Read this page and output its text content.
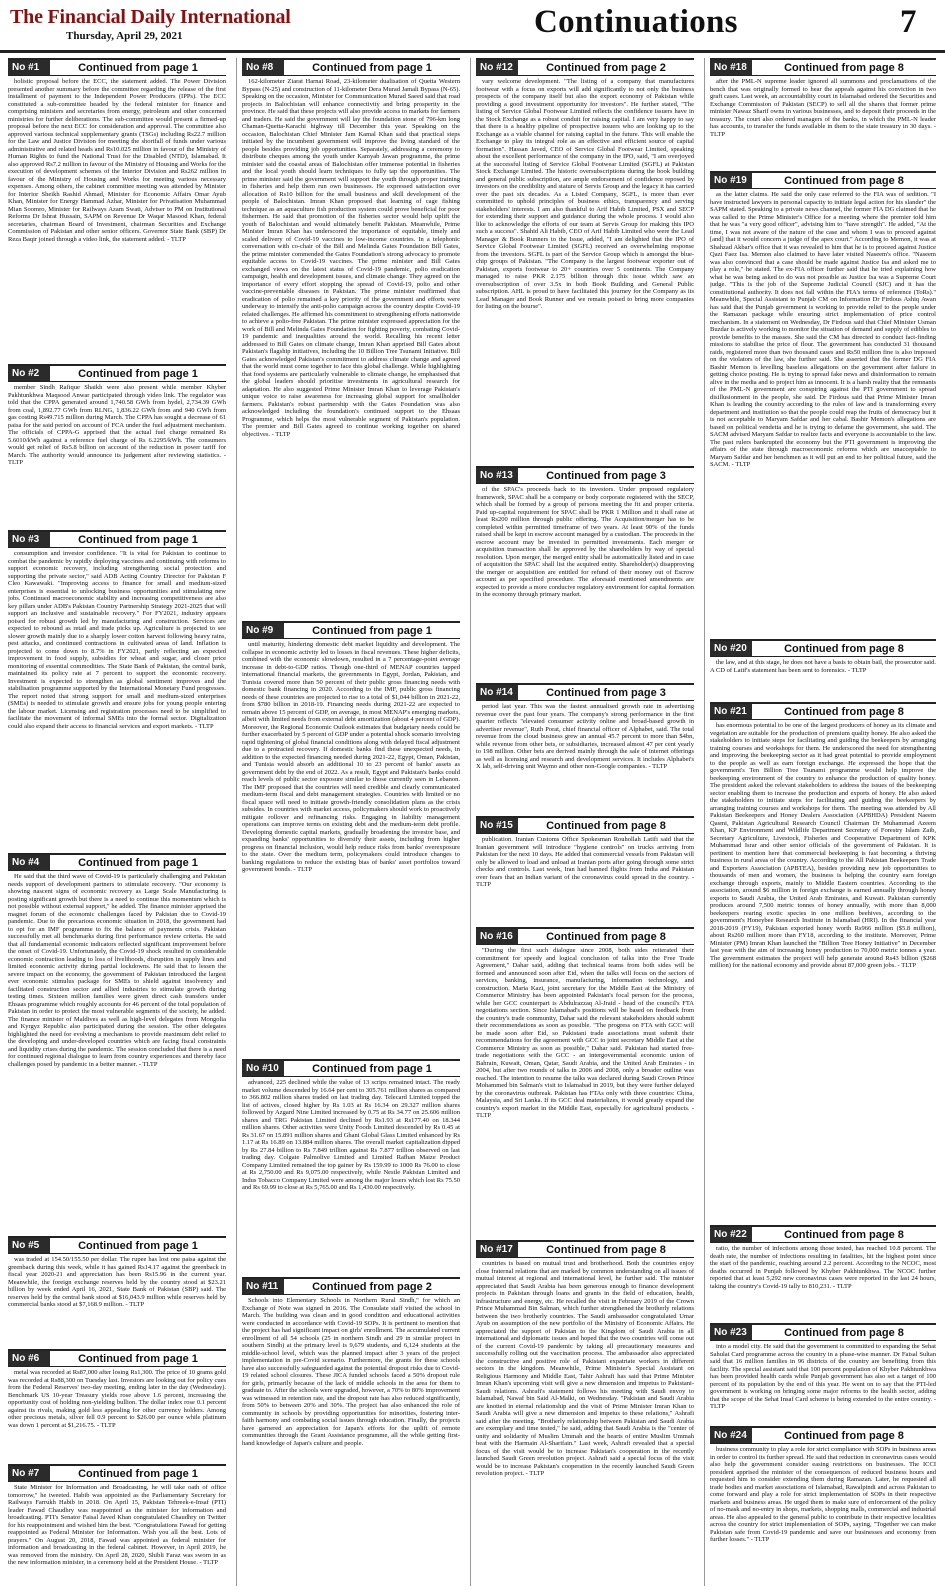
The Financial Daily International
Thursday, April 29, 2021	Continuations	7
No #1	Continued from page 1

holistic proposal before the ECC, the statement added. The Power Division presented another summary before the committee regarding the release of the first installment of payment to the Independent Power Producers (IPPs). The ECC constituted a sub-committee headed by the federal minister for finance and comprising ministers and secretaries from energy, petroleum and other concerned ministries for further deliberations. The sub-committee would present a firmed-up proposal before the next ECC for consideration and approval. The committee also approved various technical supplementary grants (TSGs) including Rs22.7 million for the Law and Justice Division for meeting the shortfall of funds under various administrative and related heads and Rs10.025 million in favour of the Ministry of Human Rights to fund the National Trust for the Disabled (NTD), Islamabad. It also approved Rs7.2 million in favour of the Ministry of Housing and Works for the execution of development schemes of the Interior Division and Rs262 million in favour of the Ministry of Housing and Works for meeting various necessary expenses. Among others, the cabinet committee meeting was attended by Minister for Interior Sheikh Rashid Ahmad, Minister for Economic Affairs Omar Ayub Khan, Minister for Energy Hammad Azhar, Minister for Privatisation Muhammad Mian Soomro, Minister for Railways Azam Swati, Adviser to PM on Institutional Reforms Dr Ishrat Hussain, SAPM on Revenue Dr Waqar Masood Khan, federal secretaries, chairman Board of Investment, chairman Securities and Exchange Commission of Pakistan and other senior officers. Governor State Bank (SBP) Dr Reza Baqir joined through a video link, the statement added. - TLTP

No #2	Continued from page 1

member Sindh Rafique Shaikh were also present while member Khyber Pakhtunkhwa Maqsood Anwar participated through video link. The regulator was told that the CPPA generated around 1,740.58 GWh from hydel, 2,734.39 GWh from coal, 1,892.77 GWh from RLNG, 1,836.22 GWh from and 940 GWh from gas costing Rs49.715 million during March. The CPPA has sought a decrease of 61 paisa for the said period on account of FCA under the fuel adjustment mechanism. The officials of CPPA-G apprised that the actual fuel charge remained Rs 5.6010/kWh against a reference fuel charge of Rs 6.2295/kWh. The consumers would get relief of Rs5.8 billion on account of the reduction in power tariff for March. The authority would announce its judgement after reviewing statistics. - TLTP

No #3	Continued from page 1

consumption and investor confidence. "It is vital for Pakistan to continue to combat the pandemic by rapidly deploying vaccines and continuing with reforms to support economic recovery, including strengthening social protection and supporting the private sector," said ADB Acting Country Director for Pakistan F Cleo Kawawaki. "Improving access to finance for small and medium-sized enterprises is essential to unlocking business opportunities and stimulating new jobs. Continued macroeconomic stability and increasing competitiveness are also key pillars under ADB's Pakistan Country Partnership Strategy 2021-2025 that will support an inclusive and sustainable recovery." For FY2021, industry appears poised for robust growth led by manufacturing and construction. Services are expected to rebound as retail and trade picks up. Agriculture is projected to see slower growth mainly due to a sharply lower cotton harvest following heavy rains, pest attacks, and continued contractions in cultivated areas of land. Inflation is projected to come down to 8.7% in FY2021, partly reflecting an expected improvement in food supply, subsidies for wheat and sugar, and closer price monitoring of essential commodities. The State Bank of Pakistan, the central bank, maintained its policy rate at 7 percent to support the economic recovery. Investment is expected to strengthen as global sentiment improves and the stabilisation programme supported by the International Monetary Fund progresses. The report noted that strong support for small and medium-sized enterprises (SMEs) is needed to stimulate growth and ensure jobs for young people entering the labour market. Licensing and registration processes need to be simplified to facilitate the movement of informal SMEs into the formal sector. Digitalization could also expand their access to financial services and export markets. - TLTP

No #4	Continued from page 1

He said that the third wave of Covid-19 is particularly challenging and Pakistan needs support of development partners to stimulate recovery. "Our economy is showing nascent signs of economic recovery as Large Scale Manufacturing is posting significant growth but there is a need to continue this momentum which is not possible without external support," he added. The finance minister apprised the magnet forum of the economic challenges faced by Pakistan due to Covid-19 pandemic. Due to the precarious economic situation in 2018, the government had to opt for an IMF programme to fix the balance of payments crisis. Pakistan successfully met all benchmarks during first performance review criteria. He said that all fundamental economic indicators reflected significant improvement before the onset of Covid-19. Unfortunately, the Covid-19 shock resulted in considerable economic contraction leading to loss of livelihoods, disruption in supply lines and limited economic activity during partial lockdowns. He said that to lessen the severe impact on the economy, the government of Pakistan introduced the largest ever economic stimulus package for SMEs to shield against insolvency and facilitated construction sector and allied industries to stimulate growth during testing times. Sixteen million families were given direct cash transfers under Ehsaas programme which roughly accounts for 46 percent of the total population of Pakistan in order to protect the most vulnerable segments of the society, he added. The finance minister of Maldives as well as high-level delegates from Mongolia and Kyrgyz Republic also participated during the session. The other delegates highlighted the need for evolving a mechanism to provide maximum debt relief to the developing and under-developed countries which are facing fiscal constraints and liquidity crises during the pandemic. The session concluded that there is a need for continued regional dialogue to learn from country experiences and thereby face challenges posed by pandemic in a better manner. - TLTP

No #5	Continued from page 1

was traded at 154.50/155.50 per dollar. The rupee has lost one paisa against the greenback during this week, while it has gained Rs14.17 against the greenback in fiscal year 2020-21 and appreciation has been Rs15.96 in the current year. Meanwhile, the foreign exchange reserves held by the country stood at $23.21 billion by week ended April 16, 2021, State Bank of Pakistan (SBP) said. The reserves held by the central bank stood at $16,043.9 million while reserves held by commercial banks stood at $7,168.9 million. - TLTP

No #6	Continued from page 1

metal was recorded at Rs87,000 after losing Rs1,300. The price of 10 grams gold was recorded at Rs88,300 on Tuesday last. Investors are looking out for policy cues from the Federal Reserves' two-day meeting, ending later in the day (Wednesday). Benchmark US 10-year Treasury yields rose above 1.6 percent, increasing the opportunity cost of holding non-yielding bullion. The dollar index rose 0.1 percent against its rivals, making gold less appealing for other currency holders. Among other precious metals, silver fell 0.9 percent to $26.00 per ounce while platinum was down 1 percent at $1,216.75. - TLTP

No #7	Continued from page 1

State Minister for Information and Broadcasting, he will take oath of office tomorrow," he tweeted. Habib was appointed as the Parliamentary Secretary for Railways Farrukh Habib in 2018. On April 15, Pakistan Tehreek-e-Insaf (PTI) leader Fawad Chaudhry was reappointed as the minister for information and broadcasting. PTI's Senator Faisal Javed Khan congratulated Chaudhry on Twitter for his reappointment and wished him the best. "Congratulations Fawad for getting reappointed as Federal Minister for Information. Wish you all the best. Lots of prayers." On August 20, 2018, Fawad was appointed as federal minister for information and broadcasting in the federal cabinet. However, in April 2019, he was removed from the ministry. On April 28, 2020, Shibli Faraz was sworn in as the new information minister, in a ceremony held at the President House. - TLTP

No #8	Continued from page 1

162-kilometer Ziarat Harnai Road, 23-kilometer dualisation of Quetta Western Bypass (N-25) and construction of 11-kilometer Dera Murad Jamali Bypass (N-65). Speaking on the occasion, Minister for Communication Murad Saeed said that road projects in Balochistan will enhance connectivity and bring prosperity in the province. He said that these projects will also provide access to markets for farmers and traders. He said the government will lay the foundation stone of 796-km long Chaman-Quetta-Karachi highway till December this year. Speaking on the occasion, Balochistan Chief Minister Jam Kamal Khan said that practical steps initiated by the incumbent government will improve the living standard of the people besides providing job opportunities. Separately, addressing a ceremony to distribute cheques among the youth under Kamyab Jawan programme, the prime minister said the coastal areas of Balochistan offer immense potential in fisheries and the local youth should learn techniques to fully tap the opportunities. The prime minister said the government will support the youth through proper training in fisheries and help them run own businesses. He expressed satisfaction over allocation of Rs10 billion for the small business and skill development of the people of Balochistan. Imran Khan proposed that learning of cage fishing technique as an aquaculture fish production system could prove beneficial for poor fishermen. He said that promotion of the fisheries sector would help uplift the youth of Balochistan and would ultimately benefit Pakistan. Meanwhile, Prime Minister Imran Khan has underscored the importance of equitable, timely and scaled delivery of Covid-19 vaccines to low-income countries. In a telephonic conversation with co-chair of the Bill and Melinda Gates Foundation Bill Gates, the prime minister commended the Gates Foundation's strong advocacy to promote equitable access to Covid-19 vaccines. The prime minister and Bill Gates exchanged views on the latest status of Covid-19 pandemic, polio eradication campaign, health and development issues, and climate change. They agreed on the importance of every effort stopping the spread of Covid-19, polio and other vaccine-preventable diseases in Pakistan. The prime minister reaffirmed that eradication of polio remained a key priority of the government and efforts were underway to intensify the anti-polio campaign across the country despite Covid-19 related challenges. He affirmed his commitment to strengthening efforts nationwide to achieve a polio-free Pakistan. The prime minister expressed appreciation for the work of Bill and Melinda Gates Foundation for fighting poverty, combating Covid-19 pandemic and inequalities around the world. Recalling his recent letter addressed to Bill Gates on climate change, Imran Khan apprised Bill Gates about Pakistan's flagship initiatives, including the 10 Billion Tree Tsunami Initiative. Bill Gates acknowledged Pakistan's commitment to address climate change and agreed that the world must come together to face this global challenge. While highlighting that food systems are particularly vulnerable to climate change, he emphasised that the global leaders should prioritise investments in agricultural research for adaptation. He also suggested Prime Minister Imran Khan to leverage Pakistan's unique voice to raise awareness for increasing global support for smallholder farmers. Pakistan's robust partnership with the Gates Foundation was also acknowledged including the foundation's continued support to the Ehsaas Programme, which helps the most vulnerable segment of Pakistan's population. The premier and Bill Gates agreed to continue working together on shared objectives. - TLTP

No #9	Continued from page 1

until maturity, hindering domestic debt market liquidity and development. The collapse in economic activity led to losses in fiscal revenues. These higher deficits, combined with the economic slowdown, resulted in a 7 percentage-point average increase in debt-to-GDP ratios. Though one-third of MENAP countries tapped international financial markets, the governments in Egypt, Jordan, Pakistan, and Tunisia covered more than 50 percent of their public gross financing needs with domestic bank financing in 2020. According to the IMF, public gross financing needs of these countries are projected to rise to a total of $1,044 billion in 2021-22, from $780 billion in 2018-19. Financing needs during 2021-22 are expected to remain above 15 percent of GDP, on average, in most MENAP's emerging markets, albeit with limited needs from external debt amortization (about 4 percent of GDP). Moreover, the Regional Economic Outlook estimates that budgetary needs could be further exacerbated by 5 percent of GDP under a potential shock scenario involving rapid tightening of global financial conditions along with delayed fiscal adjustment due to a protracted recovery. If domestic banks find these unexpected needs, in addition to the expected financing needed during 2021-22, Egypt, Oman, Pakistan, and Tunisia would absorb an additional 10 to 23 percent of banks' assets as government debt by the end of 2022. As a result, Egypt and Pakistan's banks could reach levels of public sector exposure similar to those currently seen in Lebanon. The IMF proposed that the countries will need credible and clearly communicated medium-term fiscal and debt management strategies. Countries with limited or no fiscal space will need to initiate growth-friendly consolidation plans as the crisis subsides. In countries with market access, policymakers should work to proactively mitigate rollover and refinancing risks. Engaging in liability management operations can improve terms on existing debt and the medium-term debt profile. Developing domestic capital markets, gradually broadening the investor base, and expanding banks' opportunities to diversify their assets, including from higher progress on financial inclusion, would help reduce risks from banks' overexposure to the state. Over the medium term, policymakers could introduce changes to banking regulations to reduce the existing bias of banks' asset portfolios toward government bonds. - TLTP

No #10	Continued from page 1

advanced, 225 declined while the value of 13 scrips remained intact. The ready market volume descended by 16.64 per cent to 305.761 million shares as compared to 366.802 million shares traded on last trading day. Telecard Limited topped the list of actives, closed higher by Rs 1.03 at Rs 16.34 on 29.327 million shares followed by Azgard Nine Limited increased by 0.75 at Rs 34.77 on 25.606 million shares and TRG Pakistan Limited declined by Rs1.93 at Rs177.40 on 18.344 million shares. Other activities were Unity Foods Limited descended by Rs 0.45 at Rs 31.67 on 15.891 million shares and Ghani Global Glass Limited enhanced by Rs 1.17 at Rs 16.89 on 13.884 million shares. The overall market capitalization dipped by Rs 27.84 billion to Rs 7.849 trillion against Rs 7.877 trillion observed on last trading day. Colgate Palmolive Limited and Limited Rafhan Maize Product Company Limited remained the top gainer by Rs 159.99 to 1000 Rs 76.00 to close at Rs 2,750.00 and Rs 9,075.00 respectively, while Nestle Pakistan Limited and Indus Tobacco Company Limited were among the major losers which lost Rs 75.50 and Rs 69.99 to close at Rs 5,765.00 and Rs 1,430.00 respectively.

No #11	Continued from page 2

Schools into Elementary Schools in Northern Rural Sindh," for which an Exchange of Note was signed in 2016. The Consulate staff visited the school in March. The building was clean and in good condition and educational activities were conducted in accordance with Covid-19 SOPs. It is pertinent to mention that the project has had significant impact on girls' enrollment. The accumulated current enrollment of all 54 schools (25 in northern Sindh and 29 in similar project in southern Sindh) at the primary level is 9,679 students, and 6,124 students at the middle-school level, which was the planned impact after 3 years of the project implementation in pre-Covid scenario. Furthermore, the grants for these schools have also successfully safeguarded against the potential dropout risks due to Covid-19 related school closures. These JICA funded schools faced a 50% dropout rule for girls, primarily because of the lack of middle schools in the area for them to graduate to. After the schools were upgraded, however, a 70% to 80% improvement was witnessed in retention rate, and the dropout rate has also reduced significantly, from 50% to between 20% and 30%. The project has also enhanced the role of community in schools by providing opportunities for minorities, fostering inter-faith harmony and combating social issues through education. Finally, the projects have garnered an appreciation for Japan's efforts for the uplift of remote communities through the Grant Assistance programme, all the while getting first-hand knowledge of Japan's culture and people.

No #12	Continued from page 2

vary welcome development. "The listing of a company that manufactures footwear with a focus on exports will add significantly to not only the business prospects of the company itself but also the export economy of Pakistan while providing a good investment opportunity for investors". He further stated, "The listing of Service Global Footwear Limited reflects the confidence issuers have in the Stock Exchange as a robust conduit for raising capital. I am very happy to say that there is a healthy pipeline of prospective issuers who are looking up to the Exchange as a viable channel for raising capital in the future. This will enable the Exchange to play its integral role as an effective and efficient source of capital formation". Hassan Javed, CEO of Service Global Footwear Limited, speaking about the excellent performance of the company in the IPO, said, "I am overjoyed at the successful listing of Service Global Footwear Limited (SGFL) at Pakistan Stock Exchange Limited. The historic oversubscriptions during the book building and general public subscription, are ample endorsement of confidence reposed by investors on the credibility and stature of Servis Group and the legacy it has carried over the past six decades. As a Listed Company, SGFL, is more than ever committed to uphold principles of business ethics, transparency and serving stakeholders' interests. I am also thankful to Arif Habib Limited, PSX and SECP for extending their support and guidance during the whole process. I would also like to acknowledge the efforts of our team at Servis Group for making this IPO such a success". Shahid Ali Habib, CEO of Arif Habib Limited who were the Lead Manager & Book Runners to the Issue, added, "I am delighted that the IPO of Service Global Footwear Limited (SGFL) received an overwhelming response from the investors. SGFL is part of the Service Group which is amongst the blue-chip groups of Pakistan. "The Company is the largest footwear exporter out of Pakistan, exports footwear to 20+ countries over 5 continents. The Company managed to raise PKR 2.175 billion through this issue which saw an oversubscription of over 3.5x in both Book Building and General Public subscription. AHL is proud to have facilitated this journey for the Company as its Lead Manager and Book Runner and we remain poised to bring more companies for listing on the bourse".

No #13	Continued from page 3

of the SPAC's proceeds back to its investors. Under proposed regulatory framework, SPAC shall be a company or body corporate registered with the SECP, which shall be formed by a group of persons meeting the fit and proper criteria. Paid up-capital requirement for SPAC shall be PKR 1 Million and it shall raise at least Rs200 million through public offering. The Acquisition/merger has to be completed within permitted timeframe of two years. At least 90% of the funds raised shall be kept in escrow account managed by a custodian. The proceeds in the escrow account may be invested in permitted investments. Each merger or acquisition transaction shall be approved by the shareholders by way of special resolution. Upon merger, the merged entity shall be automatically listed and in case of acquisition the SPAC shall list the acquired entity. Shareholder(s) disapproving the merger or acquisition are entitled for refund of their money out of Escrow account as per specified procedure. The aforesaid mentioned amendments are expected to provide a more conducive regulatory environment for capital formation in the economy through primary market.

No #14	Continued from page 3

period last year. This was the fastest annualised growth rate in advertising revenue over the past four years. The company's strong performance in the first quarter reflects "elevated consumer activity online and broad-based growth in advertiser revenue", Ruth Porat, chief financial officer of Alphabet, said. The total revenue from the cloud business grew an annual 45.7 percent to more than $4bn, while revenue from other bets, or subsidiaries, increased almost 47 per cent yearly to 198 million. Other bets are derived mainly through the sale of internet offerings as well as licensing and research and development services. It includes Alphabet's X lab, self-driving unit Waymo and other non-Google companies. - TLTP

No #15	Continued from page 8

publication. Iranian Customs Office Spokesman Rouhollah Latifi said that the Iranian government will introduce "hygiene controls" on trucks arriving from Pakistan for the next 10 days. He added that commercial vessels from Pakistan will only be allowed to load and unload at Iranian ports after going through some strict checks and controls. Last week, Iran had banned flights from India and Pakistan over fears that an Indian variant of the coronavirus could spread in the country. - TLTP

No #16	Continued from page 8

"During the first such dialogue since 2008, both sides reiterated their commitment for speedy and logical conclusion of talks into the Free Trade Agreement," Dahar said, adding that technical teams from both sides will be formed and announced soon after Eid, when the talks will focus on the sectors of services, banking, insurance, manufacturing, information technology, and construction. Maria Kazi, joint secretary for the Middle East at the Ministry of Commerce Ministry has been appointed Pakistan's focal person for the process, while her GCC counterpart is Abdulrazzaq Al-Jraid - head of the council's FTA negotiations section. Since Islamabad's positions will be based on feedback from the country's trade community, Dahar said the relevant stakeholders should submit their recommendations as soon as possible. "The progress on FTA with GCC will be made soon after Eid, so Pakistani trade associations must submit their recommendations for the agreement with GCC to joint secretary Middle East at the Commerce Ministry as soon as possible," Dahar said. Pakistan had started free-trade negotiations with the GCC - an intergovernmental economic union of Bahrain, Kuwait, Oman, Qatar, Saudi Arabia, and the United Arab Emirates - in 2004, but after two rounds of talks in 2006 and 2008, only a broader outline was reached. The intention to resume the talks was declared during Saudi Crown Prince Mohammed bin Salman's visit to Islamabad in 2019, but they were further delayed by the coronavirus outbreak. Pakistan has FTAs only with three countries: China, Malaysia, and Sri Lanka. If its GCC deal materializes, it would greatly expand the country's export market in the Middle East, especially for agricultural products. - TLTP

No #17	Continued from page 8

countries is based on mutual trust and brotherhood. Both the countries enjoy close fraternal relations that are marked by common understanding on all issues of mutual interest at regional and international level, he further said. The minister appreciated that Saudi Arabia has been generous enough to finance development projects in Pakistan through loans and grants in the field of education, health, infrastructure and energy, etc. He recalled the visit in February 2019 of the Crown Prince Muhammad Bin Salman, which further strengthened the brotherly relations between the two brotherly countries. The Saudi ambassador congratulated Umar Ayub on assumption of the new portfolio of the Ministry of Economic Affairs. He appreciated the support of Pakistan to the Kingdom of Saudi Arabia in all international and diplomatic issues and hoped that the two countries will come out of the current Covid-19 pandemic by taking all precautionary measures and successfully rolling out the vaccination process. The ambassador also appreciated the constructive and positive role of Pakistani expatriate workers in different sectors in the kingdom. Meanwhile, Prime Minister's Special Assistant on Religious Harmony and Middle East, Tahir Ashrafi has said that Prime Minister Imran Khan's upcoming visit will give a new dimension and impetus to Pakistani-Saudi relations. Ashrafi's statement follows his meeting with Saudi envoy to Islamabad, Nawaf bin Said Al-Malki, on Wednesday. "Pakistan and Saudi Arabia are knotted in eternal relationship and the visit of Prime Minister Imran Khan to Saudi Arabia will give a new dimension and impetus to these relations," Ashrafi said after the meeting. "Brotherly relationship between Pakistan and Saudi Arabia are exemplary and time tested," he said, adding that Saudi Arabia is the "center of unity and solidarity of Muslim Ummah and the hearts of entire Muslim Ummah beat with the Harmain Al-Sharifain." Last week, Ashrafi revealed that a special focus of the visit would be to increase Pakistan's cooperation in the recently launched Saudi Green revolution project. Ashrafi said a special focus of the visit would be to increase Pakistan's cooperation in the recently launched Saudi Green revolution project. - TLTP

No #18	Continued from page 8

after the PML-N supreme leader ignored all summons and proclamations of the bench that was originally formed to hear the appeals against his conviction in two graft cases. Last week, an accountability court in Islamabad ordered the Securities and Exchange Commission of Pakistan (SECP) to sell all the shares that former prime minister Nawaz Sharif owns in various businesses, and to deposit their proceeds in the treasury. The court also ordered managers of the banks, in which the PML-N leader has accounts, to transfer the funds available in them to the state treasury in 30 days. - TLTP

No #19	Continued from page 8

as the latter claims. He said the only case referred to the FIA was of sedition. "I have instructed lawyers in personal capacity to initiate legal action for his slander" the SAPM stated. Speaking to a private news channel, the former FIA DG claimed that he was called to the Prime Minister's Office for a meeting where the premier told him that he was "a very good officer", advising him to "have strength". He added, "At the time, I was not aware of the nature of the case and whom I was to proceed against [and] that it would concern a judge of the apex court." According to Memon, it was at Shahzad Akbar's office that it was revealed to him that he is to proceed against Justice Qazi Faez Isa. Memon also claimed to have later visited Naseem's office. "Naseem was also convinced that a case should be made against Justice Isa and asked me to play a role," he stated. The ex-FIA officer further said that he tried explaining how what he was being asked to do was not possible as Justice Isa was a Supreme Court judge. "This is the job of the Supreme Judicial Council (SJC) and it has the constitutional authority. It does not fall within the FIA's terms of reference (ToRs)." Meanwhile, Special Assistant to Punjab CM on Information Dr Firdous Ashiq Awan has said that the Punjab government is working to provide relief to the people under the Ramazan package while ensuring strict implementation of price control mechanism. In a statement on Wednesday, Dr Firdous said that Chief Minister Usman Buzdar is actively working to monitor the situation of demand and supply of edibles to provide benefits to the masses. She said the CM has directed to conduct fact-finding missions to stabilise the price of flour. The government has conducted 31 thousand raids, registered more than two thousand cases and Rs50 million fine is also imposed on the violators of the law, she further said. She asserted that the former DG FIA Bashir Memon is levelling baseless allegations on the government after failure in getting choice posting. He is trying to spread fake news and disinformation to remain alive in the media and to project him as innocent. It is a harsh reality that the remnants of the PML-N government are conspiring against the PTI government to spread disillusionment in the people, she said. Dr Firdous said that Prime Minister Imran Khan is leading the country according to the rules of law and is transforming every department and institution so that the people could reap the fruits of democracy but it is not acceptable to Maryam Safdar and her cabal. Bashir Memon's allegations are based on political vendetta and he is trying to defame the government, she said. The SACM advised Maryam Safdar to realize facts and everyone is accountable to the law. The past rulers bankrupted the economy but the PTI government is improving the affairs of the state through macroeconomic reforms which are unacceptable to Maryam Safdar and her henchmen as it will put an end to her political future, said the SACM. - TLTP

No #20	Continued from page 8

the law, and at this stage, he does not have a basis to obtain bail, the prosecutor said. A CD of Latif's statement has been sent to forensics. - TLTP

No #21	Continued from page 8

has enormous potential to be one of the largest producers of honey as its climate and vegetation are suitable for the production of premium quality honey. He also asked the stakeholders to initiate steps for facilitating and guiding the beekeepers by arranging training courses and workshops for them. He underscored the need for strengthening and improving the beekeeping sector as it had great potential to provide employment to the people as well as earn foreign exchange. He expressed the hope that the government's Ten Billion Tree Tsunami programme would help improve the beekeeping environment of the country to enhance the production of quality honey. The president asked the relevant stakeholders to address the issues of the beekeeping sector enabling them to increase the production and exports of honey. He also asked the stakeholders to initiate steps for facilitating and guiding the beekeepers by arranging training courses and workshops for them. The meeting was attended by All Pakistan Beekeepers and Honey Dealers Association (APBHDA) President Naeem Qasmi, Pakistan Agricultural Research Council Chairman Dr Muhammad Azeem Khan, KP Environment and Wildlife Department Secretary of Forestry Islam Zaib, Secretary Agriculture, Livestock, Fisheries and Cooperative Department of KPK Muhammad Israr and other senior officials of the government of Pakistan. It is pertinent to mention here that commercial beekeeping is fast becoming a thriving business in rural areas of the country. According to the All Pakistan Beekeepers Trade and Exporters Association (APBTEA), besides providing new job opportunities to thousands of men and women, the business is helping the country earn foreign exchange through exports, mainly to Middle Eastern countries. According to the association, around $6 million in foreign exchange is earned annually through honey exports to Saudi Arabia, the United Arab Emirates, and Kuwait. Pakistan currently produces around 7,500 metric tonnes of honey annually, with more than 8,000 beekeepers rearing exotic species in one million beehives, according to the government's Honeybee Research Institute in Islamabad (HRI). In the financial year 2018-2019 (FY19), Pakistan exported honey worth Rs966 million ($5.8 million), about Rs260 million more than FY18, according to the institute. Moreover, Prime Minister (PM) Imran Khan launched the "Billion Tree Honey Initiative" in December last year with the aim of increasing honey production to 70,000 metric tonnes a year. The government estimates the project will help generate around Rs43 billion ($268 million) for the national economy and provide about 87,000 green jobs. - TLTP

No #22	Continued from page 8

ratio, the number of infections among those tested, has reached 10.8 percent. The death rate, the number of infections resulting in fatalities, hit the highest point since the start of the pandemic, reaching around 2.2 percent. According to the NCOC, most deaths occurred in Punjab followed by Khyber Pakhtunkhwa. The NCOC further reported that at least 5,292 new coronavirus cases were reported in the last 24 hours, taking the country's Covid-19 tally to 810,231. - TLTP

No #23	Continued from page 8

into a model city. He said that the government is committed to expanding the Sehat Sahulat Card programme across the country in a phase-wise manner. Dr Faisal Sultan said that 16 million families in 96 districts of the country are benefiting from this facility. The special assistant said that 100 percent population of Khyber Pakhtunkhwa has been provided health cards while Punjab government has also set a target of 100 percent of its population by the end of this year. He went on to say that the PTI-led government is working on bringing some major reforms to the health sector, adding that the scope of the Sehat Insaf Card scheme is being extended to the entire country. - TLTP

No #24	Continued from page 8

business community to play a role for strict compliance with SOPs in business areas in order to control its further spread. He said that reduction in coronavirus cases would also help the government consider easing restrictions on businesses. The ICCI president apprised the minister of the consequences of reduced business hours and requested him to consider extending them during Ramazan. Later, he requested all trade bodies and market associations of Islamabad, Rawalpindi and across Pakistan to come forward and play a role for strict implementation of SOPs in their respective markets and business areas. He urged them to make sure of enforcement of the policy of no-mask and no-entry in shops, markets, shopping malls, commercial and industrial areas. He also appealed to the general public to contribute in their respective localities across the country for strict implementation of SOPs, saying, "Together we can make Pakistan safe from Covid-19 pandemic and save our businesses and economy from further losses." - TLTP
